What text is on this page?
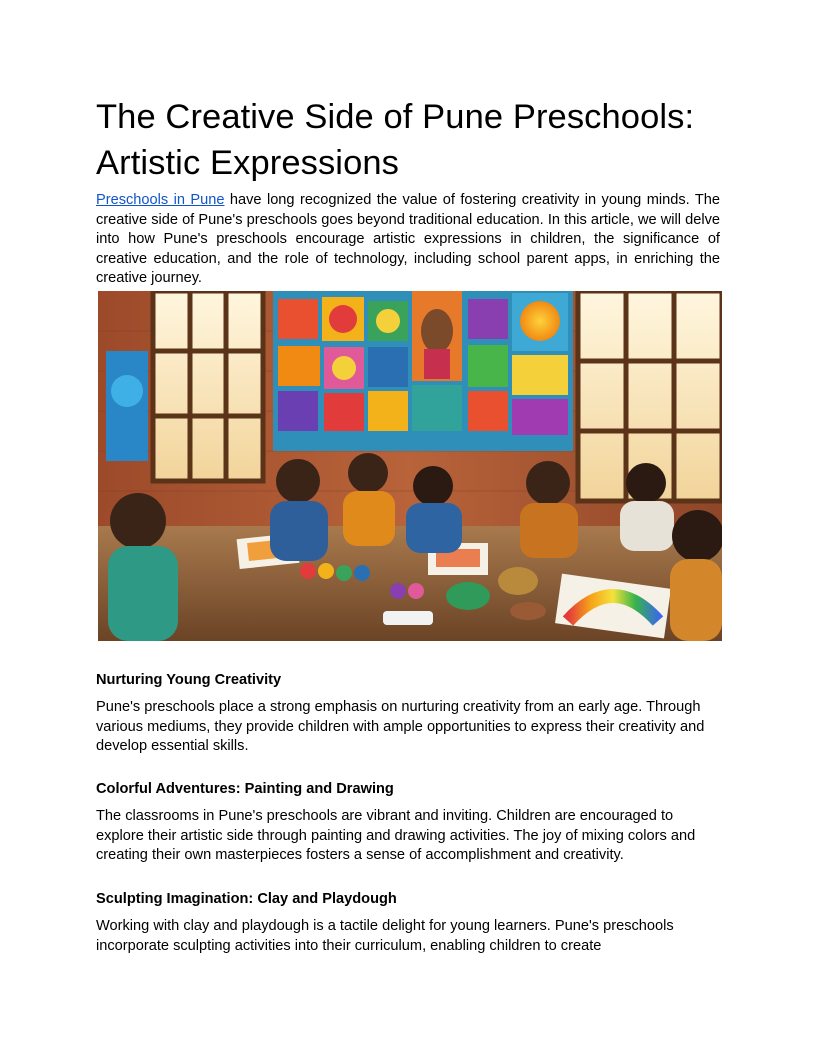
The Creative Side of Pune Preschools: Artistic Expressions

Preschools in Pune have long recognized the value of fostering creativity in young minds. The creative side of Pune's preschools goes beyond traditional education. In this article, we will delve into how Pune's preschools encourage artistic expressions in children, the significance of creative education, and the role of technology, including school parent apps, in enriching the creative journey.

Nurturing Young Creativity

Pune's preschools place a strong emphasis on nurturing creativity from an early age. Through various mediums, they provide children with ample opportunities to express their creativity and develop essential skills.

Colorful Adventures: Painting and Drawing

The classrooms in Pune's preschools are vibrant and inviting. Children are encouraged to explore their artistic side through painting and drawing activities. The joy of mixing colors and creating their own masterpieces fosters a sense of accomplishment and creativity.

Sculpting Imagination: Clay and Playdough

Working with clay and playdough is a tactile delight for young learners. Pune's preschools incorporate sculpting activities into their curriculum, enabling children to create
